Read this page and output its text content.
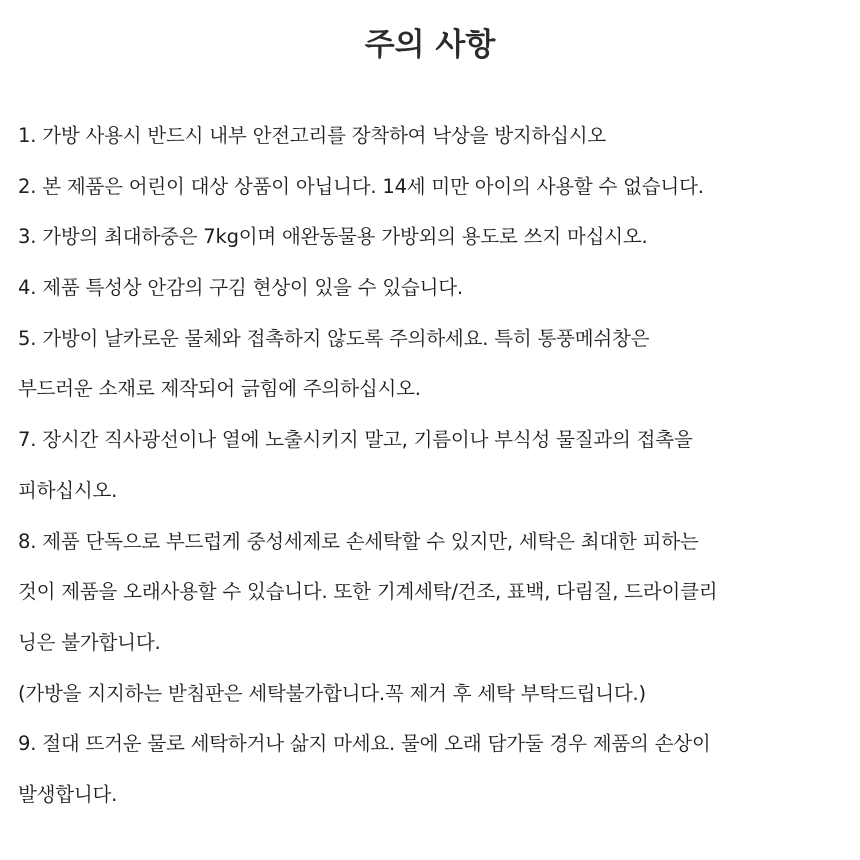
주의 사항
1. 가방 사용시 반드시 내부 안전고리를 장착하여 낙상을 방지하십시오
2. 본 제품은 어린이 대상 상품이 아닙니다. 14세 미만 아이의 사용할 수 없습니다.
3. 가방의 최대하중은 7kg이며 애완동물용 가방외의 용도로 쓰지 마십시오.
4. 제품 특성상 안감의 구김 현상이 있을 수 있습니다.
5. 가방이 날카로운 물체와 접촉하지 않도록 주의하세요. 특히 통풍메쉬창은
부드러운 소재로 제작되어 긁힘에 주의하십시오.
7. 장시간 직사광선이나 열에 노출시키지 말고, 기름이나 부식성 물질과의 접촉을
피하십시오.
8. 제품 단독으로 부드럽게 중성세제로 손세탁할 수 있지만, 세탁은 최대한 피하는
것이 제품을 오래사용할 수 있습니다. 또한 기계세탁/건조, 표백, 다림질, 드라이클리
닝은 불가합니다.
(가방을 지지하는 받침판은 세탁불가합니다.꼭 제거 후 세탁 부탁드립니다.)
9. 절대 뜨거운 물로 세탁하거나 삶지 마세요. 물에 오래 담가둘 경우 제품의 손상이
발생합니다.
